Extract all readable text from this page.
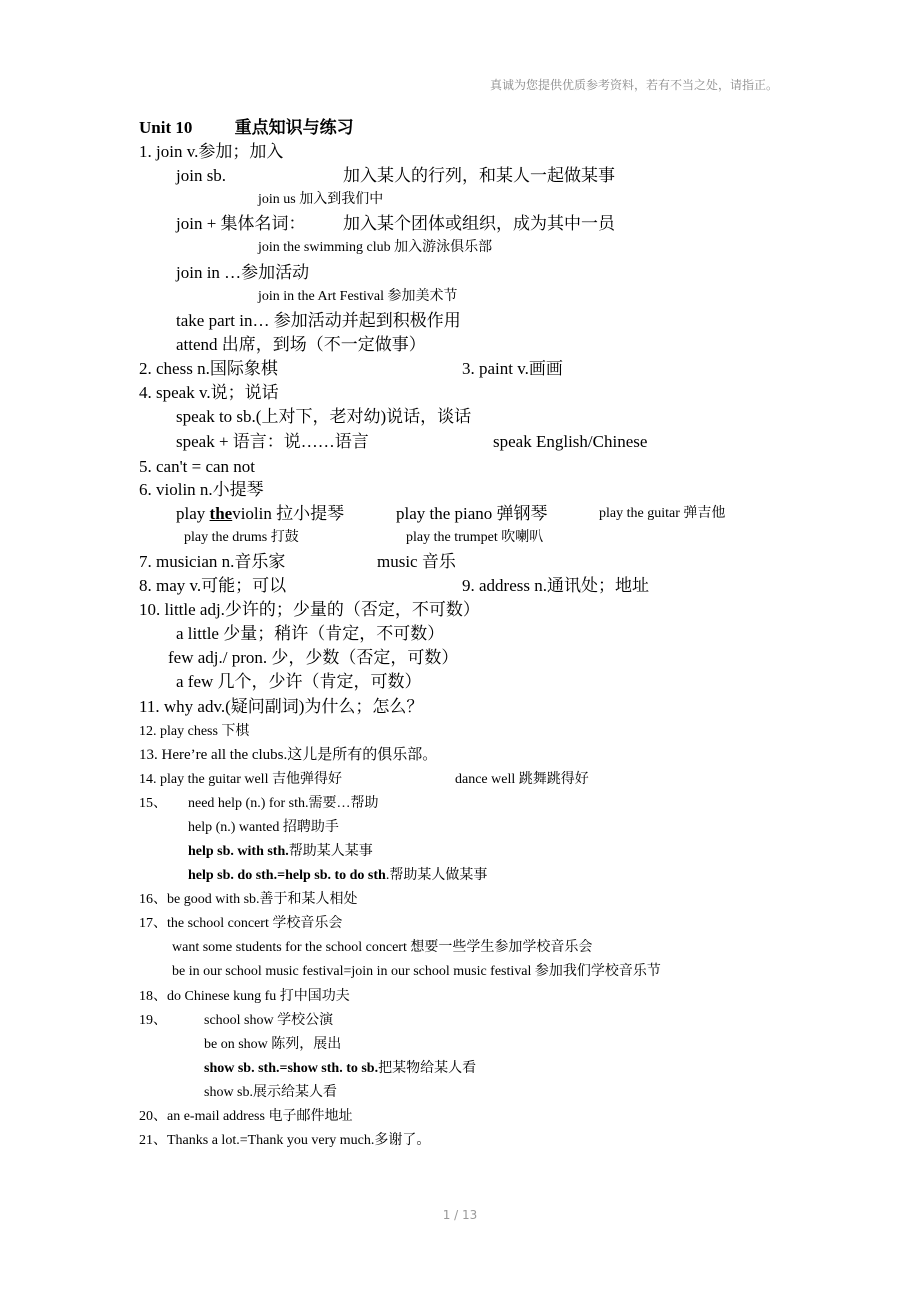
真诚为您提供优质参考资料，若有不当之处，请指正。
Unit 10 重点知识与练习
1. join v.参加；加入
join sb.	加入某人的行列，和某人一起做某事
join us 加入到我们中
join + 集体名词： 加入某个团体或组织，成为其中一员
join the swimming club 加入游泳俱乐部
join in …参加活动
join in the Art Festival 参加美术节
take part in… 参加活动并起到积极作用
attend 出席，到场（不一定做事）
2. chess n.国际象棋	3. paint v.画画
4. speak v.说；说话
speak to sb.(上对下，老对幼)说话，谈话
speak + 语言：说……语言	speak English/Chinese
5. can't = can not
6. violin n.小提琴
play theviolin 拉小提琴	play the piano 弹钢琴	play the guitar 弹吉他
play the drums 打鼓	play the trumpet 吹喇叭
7. musician n.音乐家	music 音乐
8. may v.可能；可以	9. address n.通讯处；地址
10. little adj.少许的；少量的（否定，不可数）
a little 少量；稍许（肯定，不可数）
few adj./ pron. 少，少数（否定，可数）
a few 几个，少许（肯定，可数）
11. why adv.(疑问副词)为什么；怎么？
12. play chess 下棋
13. Here’re all the clubs.这儿是所有的俱乐部。
14. play the guitar well 吉他弹得好	dance well 跳舞跳得好
15、 need help (n.) for sth.需要…帮助
help (n.) wanted 招聘助手
help sb. with sth.帮助某人某事
help sb. do sth.=help sb. to do sth.帮助某人做某事
16、be good with sb.善于和某人相处
17、the school concert 学校音乐会
want some students for the school concert 想要一些学生参加学校音乐会
be in our school music festival=join in our school music festival 参加我们学校音乐节
18、do Chinese kung fu 打中国功夫
19、	school show 学校公演
be on show 陈列，展出
show sb. sth.=show sth. to sb.把某物给某人看
show sb.展示给某人看
20、an e-mail address 电子邮件地址
21、Thanks a lot.=Thank you very much.多谢了。
1 / 13
